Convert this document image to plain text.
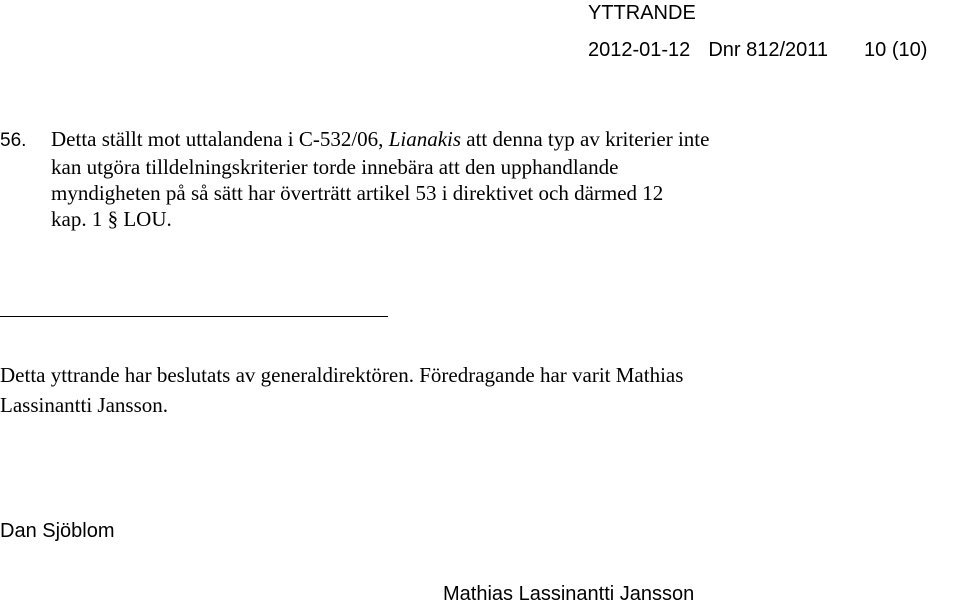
YTTRANDE
2012-01-12 Dnr 812/2011 10 (10)
56. Detta ställt mot uttalandena i C-532/06, Lianakis att denna typ av kriterier inte
kan utgöra tilldelningskriterier torde innebära att den upphandlande
myndigheten på så sätt har överträtt artikel 53 i direktivet och därmed 12
kap. 1 § LOU.
Detta yttrande har beslutats av generaldirektören. Föredragande har varit Mathias
Lassinantti Jansson.
Dan Sjöblom
Mathias Lassinantti Jansson
